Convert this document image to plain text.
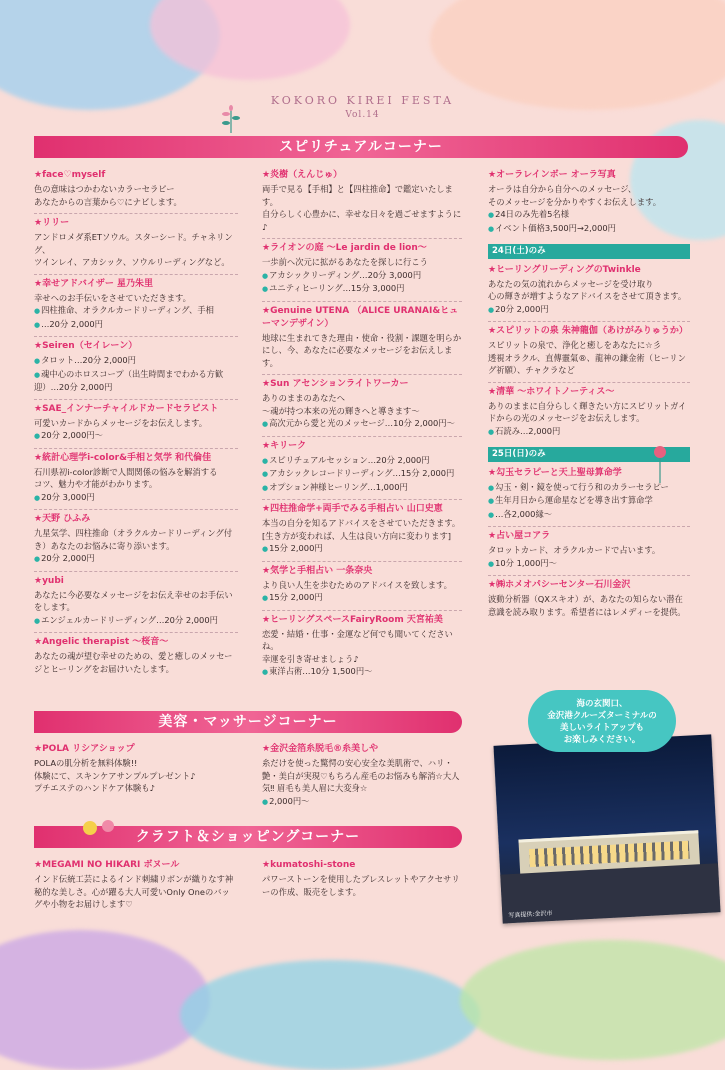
KOKORO KIREI FESTA
Vol.14
スピリチュアルコーナー
★face♡myself

色の意味はつかわないカラーセラピー

あなたからの言葉から♡にナビします。

★リリー

アンドロメダ系ETソウル。スターシード。チャネリング、

ツインレイ、アカシック、ソウルリーディングなど。

★幸せアドバイザー 星乃朱里

幸せへのお手伝いをさせていただきます。

● 四柱推命、オラクルカードリーディング、手相

● …20分 2,000円

★Seiren（セイレーン）

● タロット…20分 2,000円

● 魂中心のホロスコープ（出生時間までわかる方歓迎）…20分 2,000円

★SAE_インナーチャイルドカードセラピスト

可愛いカードからメッセージをお伝えします。

● 20分 2,000円〜

★統計心理学i-color&手相と気学 和代倫佳

石川県初i-color診断で人間関係の悩みを解消する

コツ、魅力や才能がわかります。

● 20分 3,000円

★天野 ひふみ

九星気学、四柱推命（オラクルカードリーディング付き）あなたのお悩みに寄り添います。

● 20分 2,000円

★yubi

あなたに今必要なメッセージをお伝え幸せのお手伝いをします。

● エンジェルカードリーディング…20分 2,000円

★Angelic therapist 〜桜音〜

あなたの魂が望む幸せのための、愛と癒しのメッセージとヒーリングをお届けいたします。

★炎樹（えんじゅ）

両手で見る【手相】と【四柱推命】で鑑定いたします。

自分らしく心豊かに、幸せな日々を過ごせますように♪

★ライオンの庭 〜Le jardin de lion〜

一歩前へ次元に拡がるあなたを探しに行こう

● アカシックリーディング…20分 3,000円

● ユニティヒーリング…15分 3,000円

★Genuine UTENA （ALICE URANAI&ヒューマンデザイン）

地球に生まれてきた理由・使命・役割・課題を明らかにし、今、あなたに必要なメッセージをお伝えします。

★Sun アセンションライトワーカー

ありのままのあなたへ

〜魂が持つ本来の光の輝きへと導きます〜

● 高次元から愛と光のメッセージ…10分 2,000円〜

★キリーク

● スピリチュアルセッション…20分 2,000円

● アカシックレコードリーディング…15分 2,000円

● オプション神様ヒーリング…1,000円

★四柱推命学+両手でみる手相占い 山口史恵

本当の自分を知るアドバイスをさせていただきます。

[生き方が変われば、人生は良い方向に変わります]

● 15分 2,000円

★気学と手相占い 一条奈央

より良い人生を歩むためのアドバイスを致します。

● 15分 2,000円

★ヒーリングスペースFairyRoom 天宮祐美

恋愛・結婚・仕事・金運など何でも聞いてくださいね。

幸運を引き寄せましょう♪

● 東洋占術…10分 1,500円〜

★オーラレインボー オーラ写真

オーラは自分から自分へのメッセージ、

そのメッセージを分かりやすくお伝えします。

● 24日のみ先着5名様

● イベント価格3,500円→2,000円

24日(土)のみ
★ヒーリングリーディングのTwinkle

あなたの気の流れからメッセージを受け取り

心の輝きが増すようなアドバイスをさせて頂きます。

● 20分 2,000円

★スピリットの泉 朱神龍伽（あけがみりゅうか）

スピリットの泉で、浄化と癒しをあなたに☆彡

透視オラクル、直傳靈氣®、龍神の鎌金術（ヒーリング祈願）、チャクラなど

★清華 〜ホワイトノーティス〜

ありのままに自分らしく輝きたい方にスピリットガイドからの光のメッセージをお伝えします。

● 石読み…2,000円

25日(日)のみ
★勾玉セラピーと天上聖母算命学

● 勾玉・剣・鏡を使って行う和のカラーセラピー

● 生年月日から運命星などを導き出す算命学

● …各2,000縁〜

★占い屋コアラ

タロットカード、オラクルカードで占います。

● 10分 1,000円〜

★㈱ホメオパシーセンター石川金沢

波動分析器（QXスキオ）が、あなたの知らない潜在意識を読み取ります。希望者にはレメディーを提供。

美容・マッサージコーナー
★POLA リシアショップ

POLAの肌分析を無料体験!!

体験にて、スキンケアサンプルプレゼント♪

プチエステのハンドケア体験も♪

★金沢金箔糸脱毛®糸美しや

糸だけを使った驚愕の安心安全な美肌術で、ハリ・艶・美白が実現♡もちろん産毛のお悩みも解消☆大人気‼ 眉毛も美人眉に大変身☆

● 2,000円〜

クラフト＆ショッピングコーナー
★MEGAMI NO HIKARI ボヌール

インド伝統工芸によるインド刺繍リボンが織りなす神秘的な美しさ。心が躍る大人可愛いOnly Oneのバッグや小物をお届けします♡

★kumatoshi-stone

パワーストーンを使用したブレスレットやアクセサリーの作成、販売をします。

写真提供:金沢市
海の玄関口、
金沢港クルーズターミナルの
美しいライトアップも
お楽しみください。
